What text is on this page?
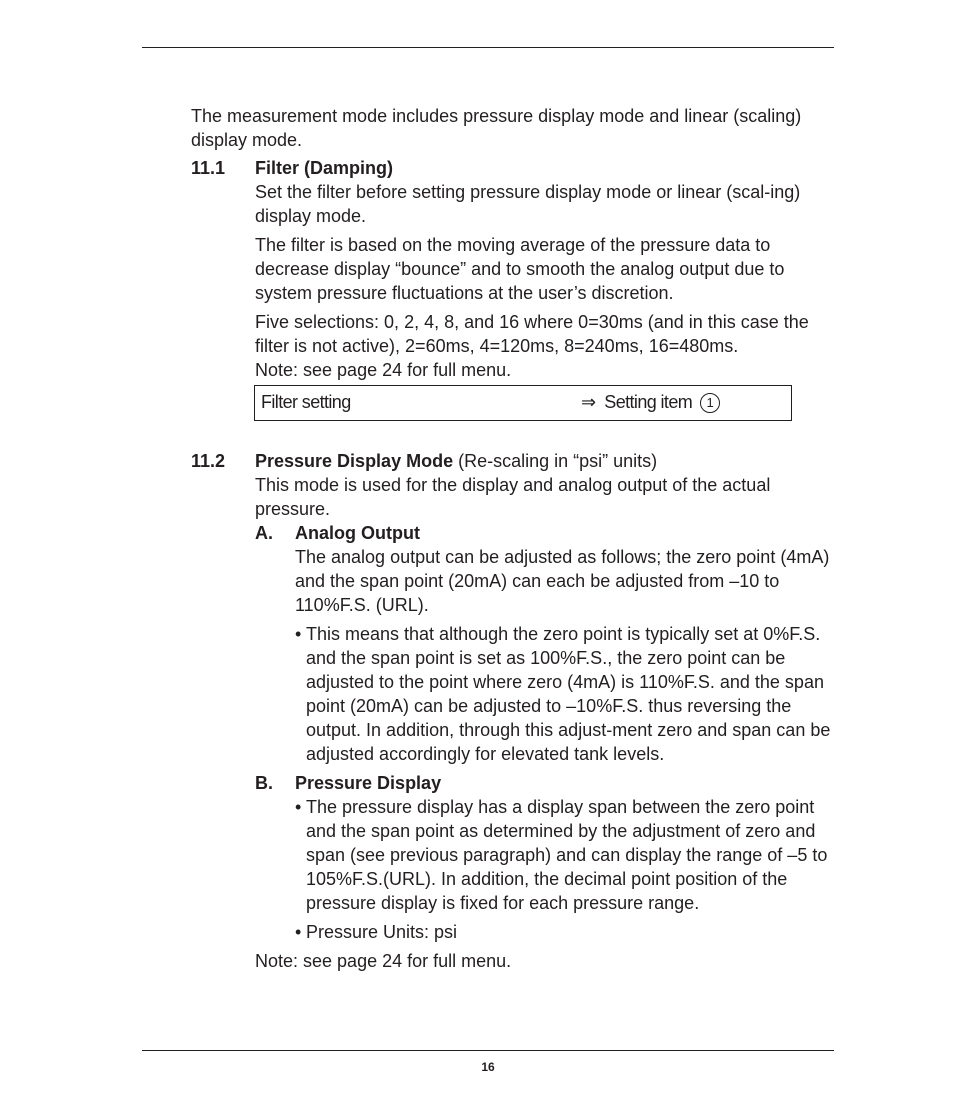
The measurement mode includes pressure display mode and linear (scaling) display mode.

11.1 Filter (Damping)

Set the filter before setting pressure display mode or linear (scal-ing) display mode.

The filter is based on the moving average of the pressure data to decrease display “bounce” and to smooth the analog output due to system pressure fluctuations at the user’s discretion.

Five selections: 0, 2, 4, 8, and 16 where 0=30ms (and in this case the filter is not active), 2=60ms, 4=120ms, 8=240ms, 16=480ms.

Note: see page 24 for full menu.

Filter setting	⇒ Setting item 1
11.2 Pressure Display Mode (Re-scaling in “psi” units)

This mode is used for the display and analog output of the actual pressure.

A. Analog Output

The analog output can be adjusted as follows; the zero point (4mA) and the span point (20mA) can each be adjusted from –10 to 110%F.S. (URL).

• This means that although the zero point is typically set at 0%F.S. and the span point is set as 100%F.S., the zero point can be adjusted to the point where zero (4mA) is 110%F.S. and the span point (20mA) can be adjusted to –10%F.S. thus reversing the output. In addition, through this adjust-ment zero and span can be adjusted accordingly for elevated tank levels.
B. Pressure Display
• The pressure display has a display span between the zero point and the span point as determined by the adjustment of zero and span (see previous paragraph) and can display the range of –5 to 105%F.S.(URL). In addition, the decimal point position of the pressure display is fixed for each pressure range.
• Pressure Units: psi

Note: see page 24 for full menu.

16
